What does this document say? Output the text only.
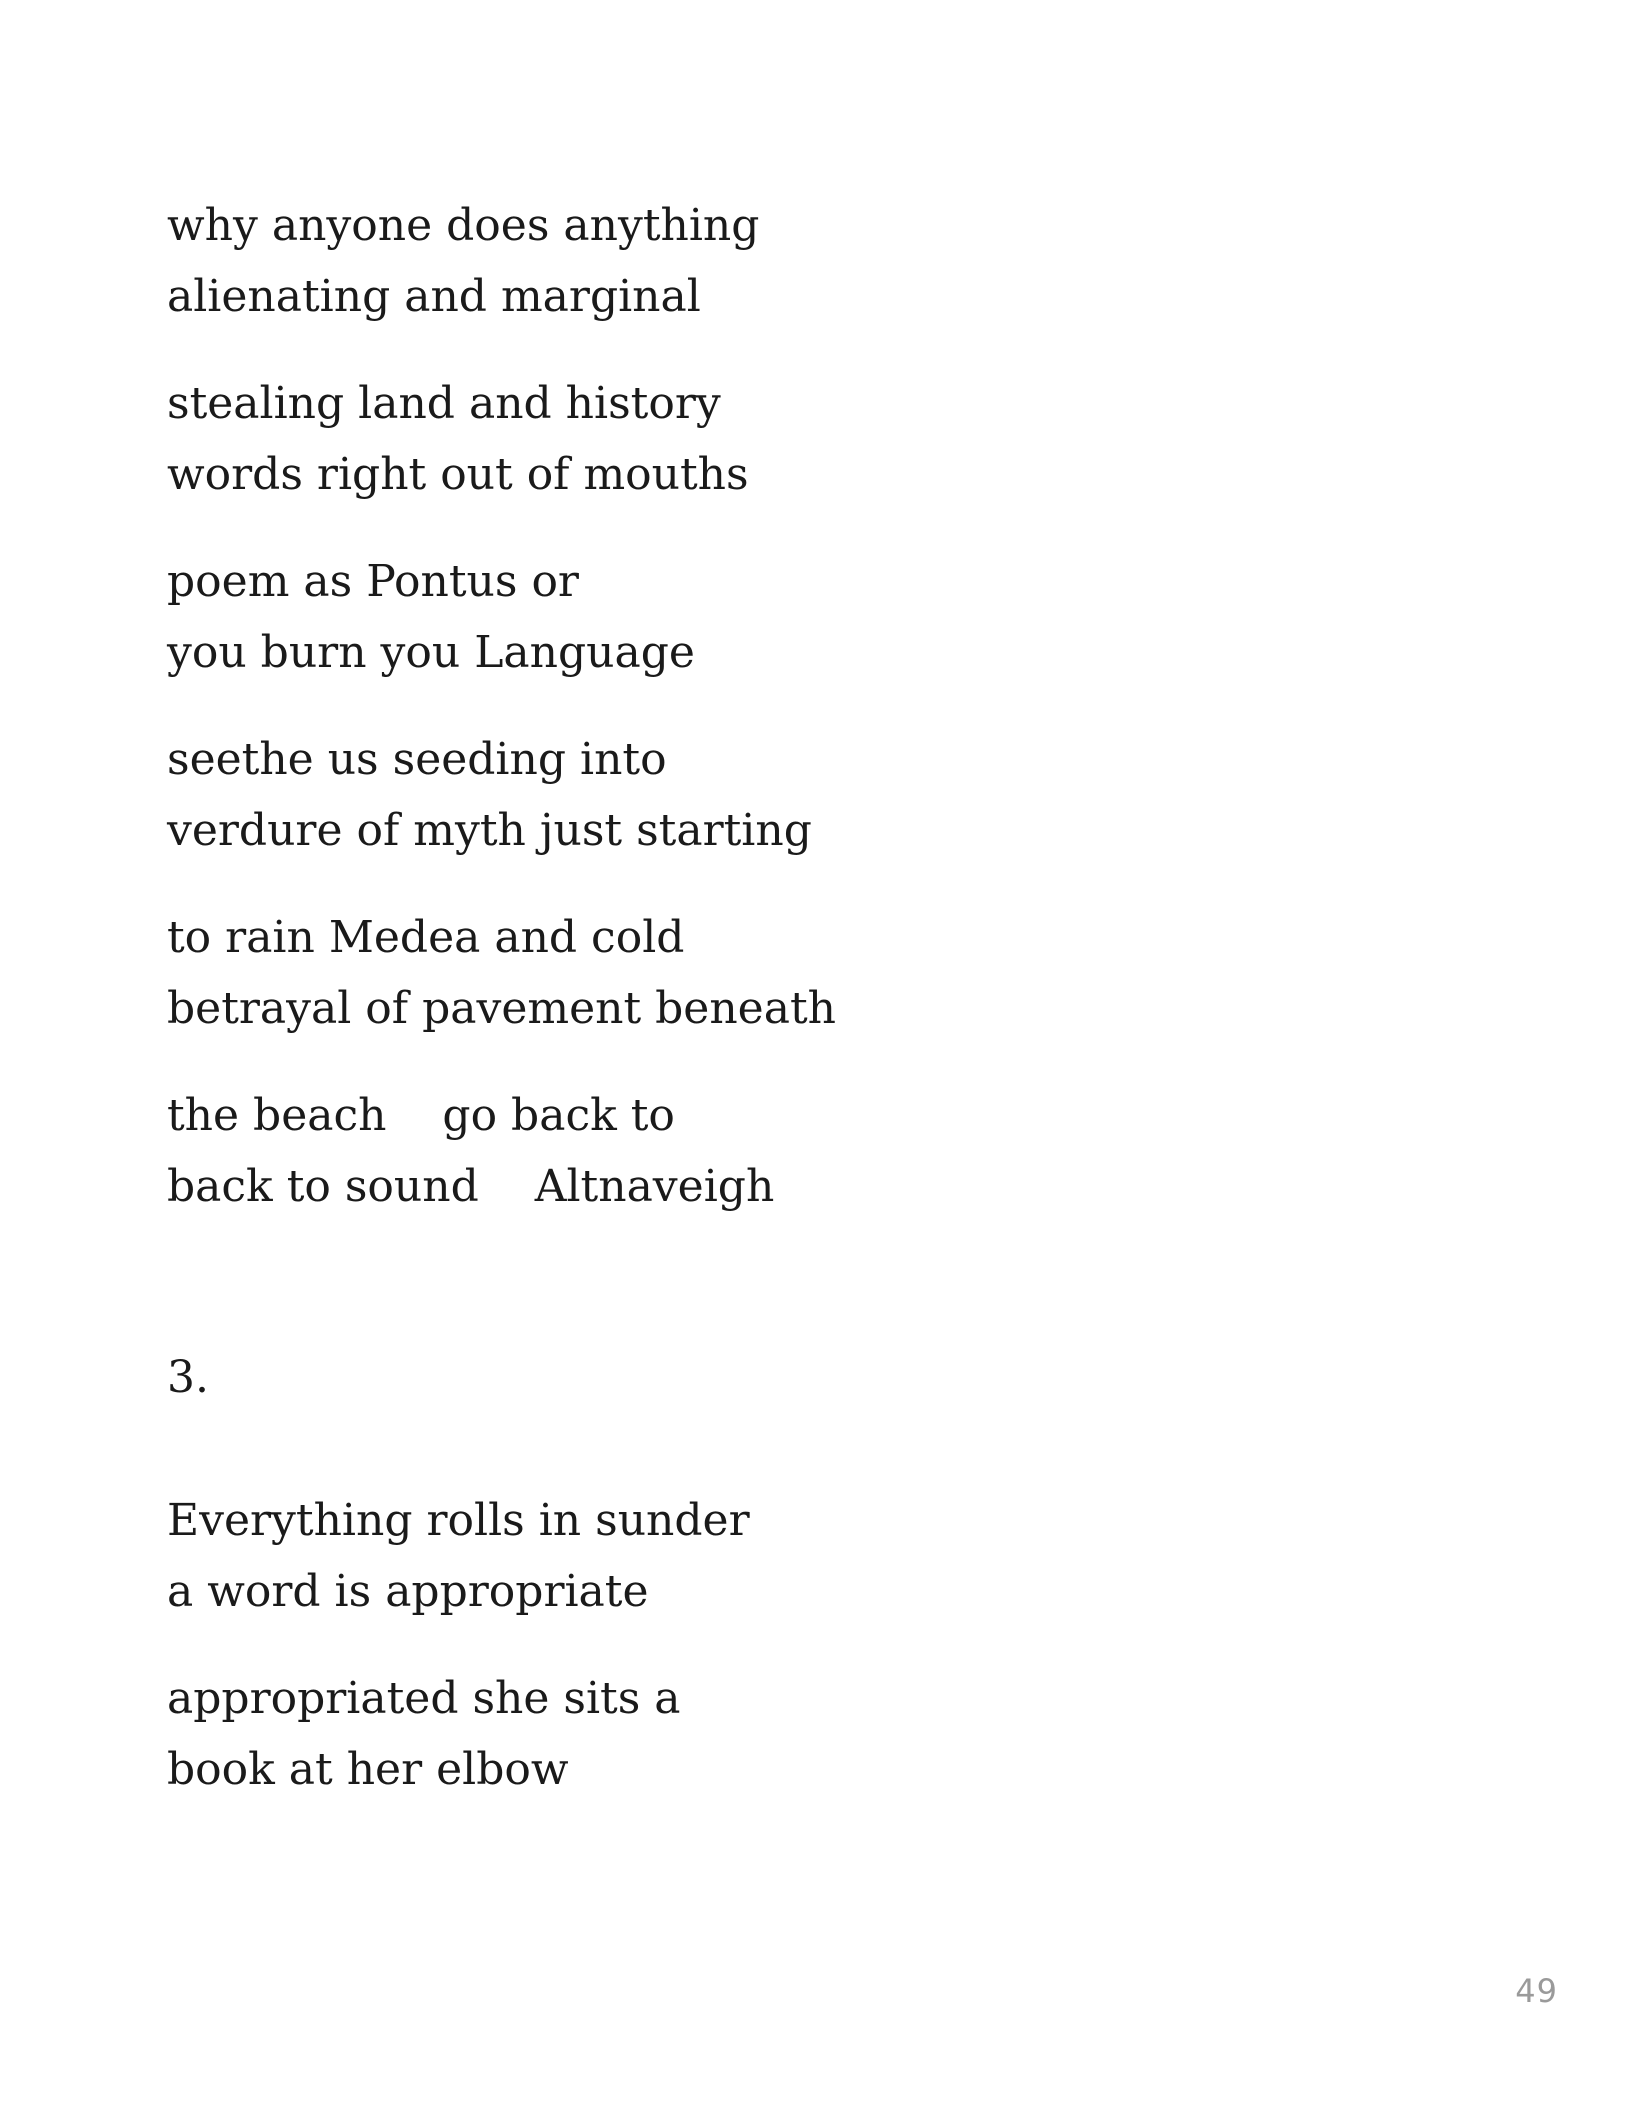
why anyone does anything
alienating and marginal
stealing land and history
words right out of mouths
poem as Pontus or
you burn you Language
seethe us seeding into
verdure of myth just starting
to rain Medea and cold
betrayal of pavement beneath
the beach    go back to
back to sound    Altnaveigh
3.
Everything rolls in sunder
a word is appropriate
appropriated she sits a
book at her elbow
49
